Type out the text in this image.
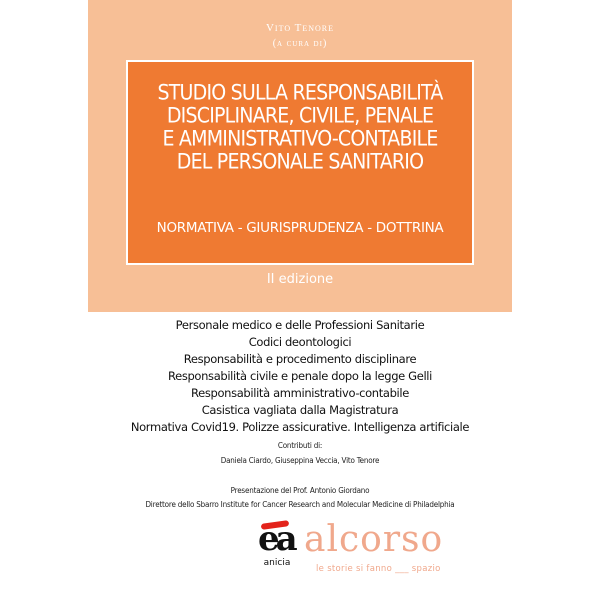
Vito Tenore
(a cura di)
STUDIO SULLA RESPONSABILITÀ
DISCIPLINARE, CIVILE, PENALE
E AMMINISTRATIVO-CONTABILE
DEL PERSONALE SANITARIO
NORMATIVA - GIURISPRUDENZA - DOTTRINA
II edizione
Personale medico e delle Professioni Sanitarie
Codici deontologici
Responsabilità e procedimento disciplinare
Responsabilità civile e penale dopo la legge Gelli
Responsabilità amministrativo-contabile
Casistica vagliata dalla Magistratura
Normativa Covid19. Polizze assicurative. Intelligenza artificiale
Contributi di:
Daniela Ciardo, Giuseppina Veccia, Vito Tenore
Presentazione del Prof. Antonio Giordano
Direttore dello Sbarro Institute for Cancer Research and Molecular Medicine di Philadelphia
ea
anicia
alcorso
le storie si fanno ___ spazio
